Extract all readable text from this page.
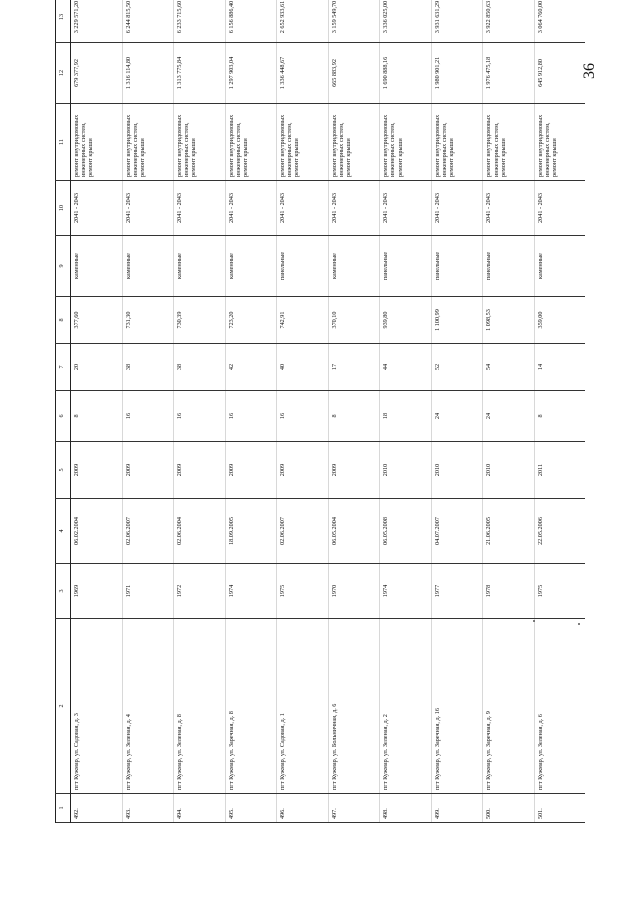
36
1	2	3	4	5	6	7	8	9	10	11	12	13
492.	пгт Кужмар, ул. Садовая, д. 3	1969	06.02.2004	2009	8	20	377,60	каменные	2041 - 2043	ремонт внутридомовых инженерных систем, ремонт крыши	679 377,92	3 229 571,20
493.	пгт Кужмар, ул. Зеленая, д. 4	1971	02.06.2007	2009	16	38	731,30	каменные	2041 - 2043	ремонт внутридомовых инженерных систем, ремонт крыши	1 316 114,80	6 244 815,50
494.	пгт Кужмар, ул. Зеленая, д. 8	1972	02.06.2004	2009	16	38	730,39	каменные	2041 - 2043	ремонт внутридомовых инженерных систем, ремонт крыши	1 313 775,84	6 233 715,60
495.	пгт Кужмар, ул. Заречная, д. 8	1974	18.09.2005	2009	16	42	723,20	каменные	2041 - 2043	ремонт внутридомовых инженерных систем, ремонт крыши	1 297 903,04	6 156 886,40
496.	пгт Кужмар, ул. Садовая, д. 1	1975	02.06.2007	2009	16	40	742,91	панельные	2041 - 2043	ремонт внутридомовых инженерных систем, ремонт крыши	1 336 448,67	2 652 933,61
497.	пгт Кужмар, ул. Больничная, д. 6	1970	06.05.2004	2009	8	17	370,10	каменные	2041 - 2043	ремонт внутридомовых инженерных систем, ремонт крыши	665 883,92	3 159 549,70
498.	пгт Кужмар, ул. Зеленая, д. 2	1974	06.05.2008	2010	18	44	939,80	панельные	2041 - 2043	ремонт внутридомовых инженерных систем, ремонт крыши	1 690 888,16	3 336 025,00
499.	пгт Кужмар, ул. Заречная, д. 16	1977	04.07.2007	2010	24	52	1 100,99	панельные	2041 - 2043	ремонт внутридомовых инженерных систем, ремонт крыши	1 980 901,21	3 931 631,29
500.	пгт Кужмар, ул. Заречная, д. 9	1978	21.06.2005	2010	24	54	1 098,53	панельные	2041 - 2043	ремонт внутридомовых инженерных систем, ремонт крыши	1 976 475,18	3 922 850,63
501.	пгт Кужмар, ул. Зеленая, д. 6	1975	22.05.2006	2011	8	14	359,00	каменные	2041 - 2043	ремонт внутридомовых инженерных систем, ремонт крыши	645 912,80	3 064 760,00
